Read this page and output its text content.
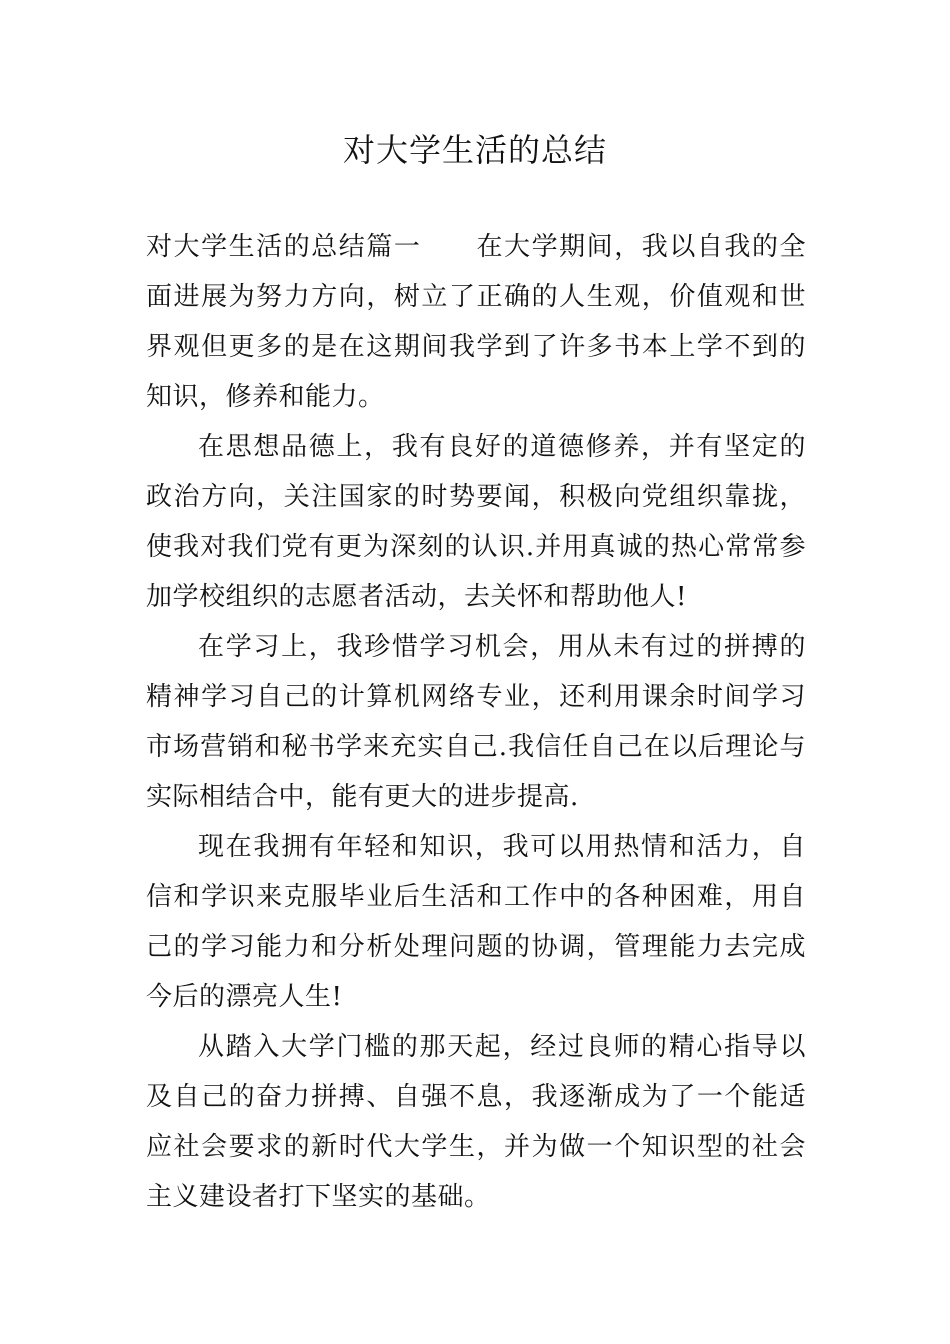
对大学生活的总结

对大学生活的总结篇一　　在大学期间，我以自我的全面进展为努力方向，树立了正确的人生观，价值观和世界观但更多的是在这期间我学到了许多书本上学不到的知识，修养和能力。

在思想品德上，我有良好的道德修养，并有坚定的政治方向，关注国家的时势要闻，积极向党组织靠拢，使我对我们党有更为深刻的认识.并用真诚的热心常常参加学校组织的志愿者活动，去关怀和帮助他人!

在学习上，我珍惜学习机会，用从未有过的拼搏的精神学习自己的计算机网络专业，还利用课余时间学习市场营销和秘书学来充实自己.我信任自己在以后理论与实际相结合中，能有更大的进步提高.

现在我拥有年轻和知识，我可以用热情和活力，自信和学识来克服毕业后生活和工作中的各种困难，用自己的学习能力和分析处理问题的协调，管理能力去完成今后的漂亮人生!

从踏入大学门槛的那天起，经过良师的精心指导以及自己的奋力拼搏、自强不息，我逐渐成为了一个能适应社会要求的新时代大学生，并为做一个知识型的社会主义建设者打下坚实的基础。
